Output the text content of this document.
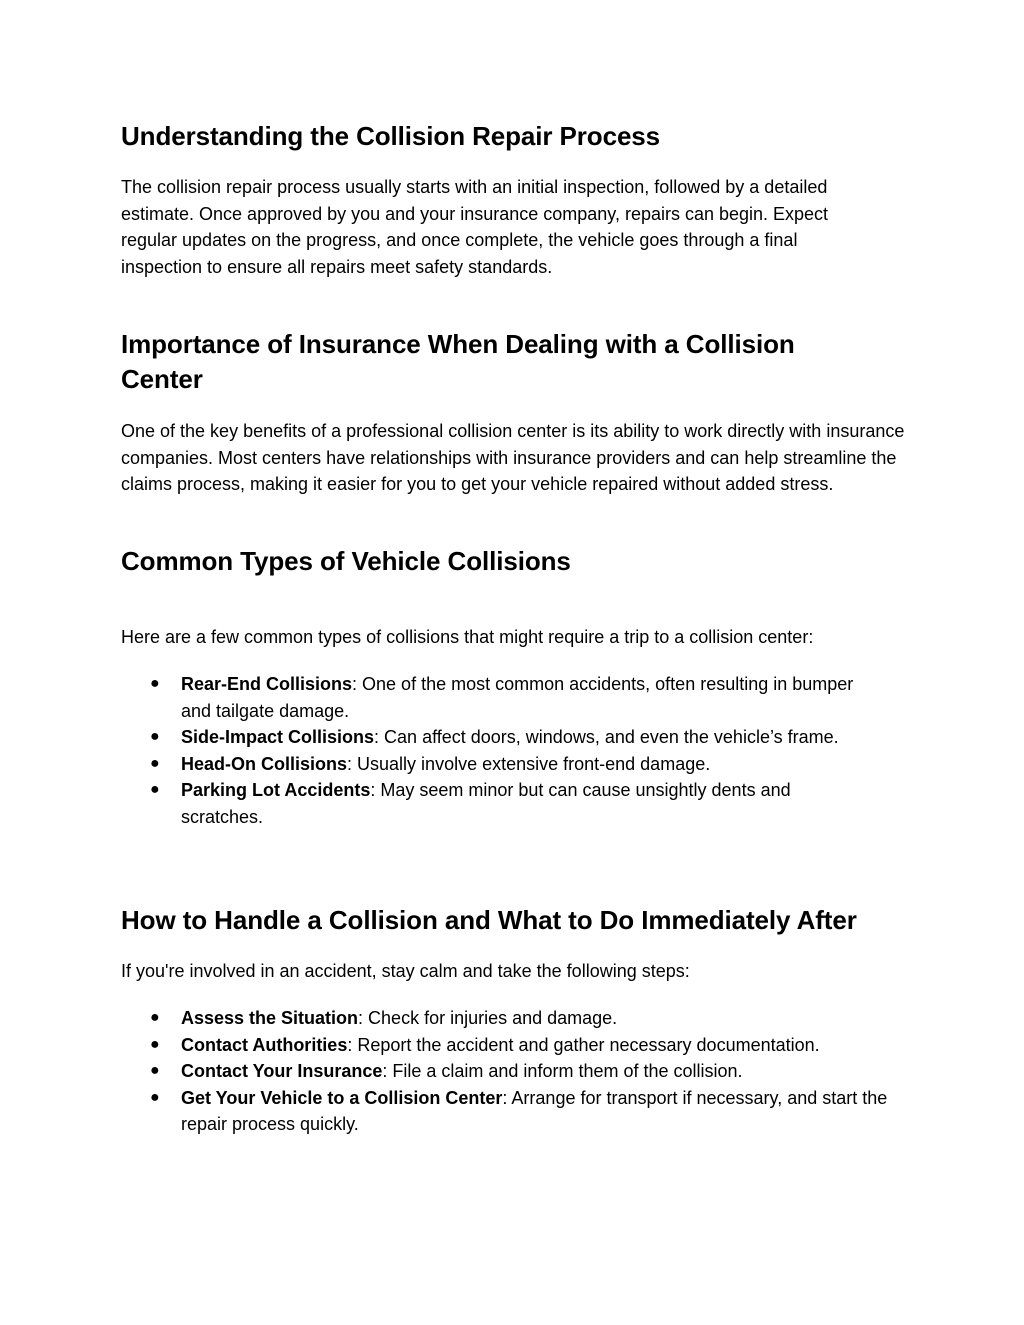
Understanding the Collision Repair Process

The collision repair process usually starts with an initial inspection, followed by a detailed estimate. Once approved by you and your insurance company, repairs can begin. Expect regular updates on the progress, and once complete, the vehicle goes through a final inspection to ensure all repairs meet safety standards.

Importance of Insurance When Dealing with a Collision Center

One of the key benefits of a professional collision center is its ability to work directly with insurance companies. Most centers have relationships with insurance providers and can help streamline the claims process, making it easier for you to get your vehicle repaired without added stress.

Common Types of Vehicle Collisions

Here are a few common types of collisions that might require a trip to a collision center:

● Rear-End Collisions: One of the most common accidents, often resulting in bumper and tailgate damage.
● Side-Impact Collisions: Can affect doors, windows, and even the vehicle’s frame.
● Head-On Collisions: Usually involve extensive front-end damage.
● Parking Lot Accidents: May seem minor but can cause unsightly dents and scratches.
How to Handle a Collision and What to Do Immediately After

If you're involved in an accident, stay calm and take the following steps:

● Assess the Situation: Check for injuries and damage.
● Contact Authorities: Report the accident and gather necessary documentation.
● Contact Your Insurance: File a claim and inform them of the collision.
● Get Your Vehicle to a Collision Center: Arrange for transport if necessary, and start the repair process quickly.
